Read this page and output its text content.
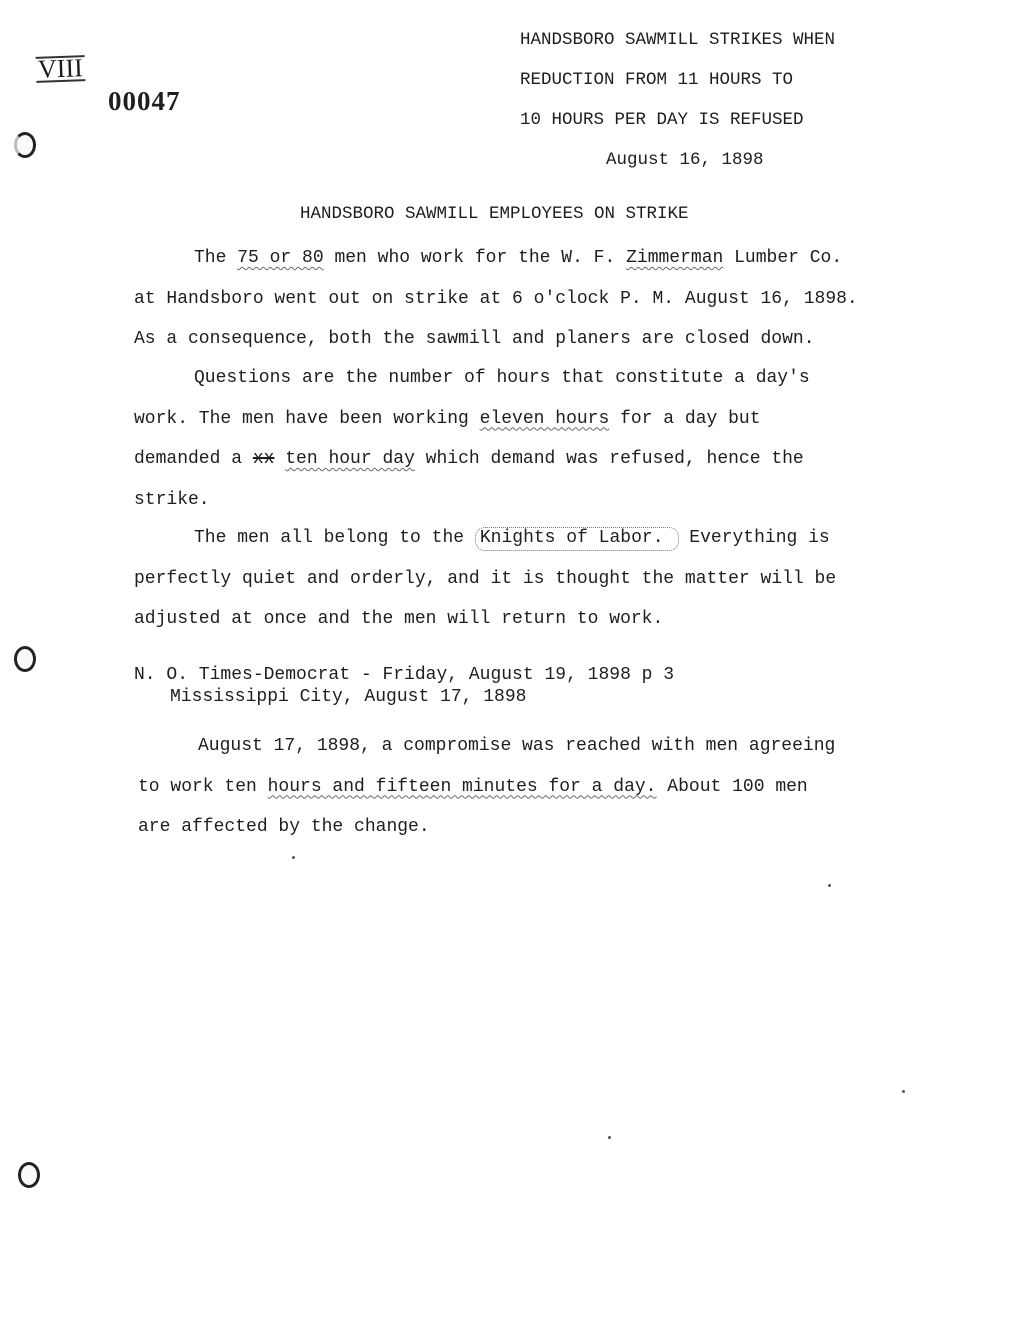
VIII
00047
HANDSBORO SAWMILL STRIKES WHEN
REDUCTION FROM 11 HOURS TO
10 HOURS PER DAY IS REFUSED
August 16, 1898
HANDSBORO SAWMILL EMPLOYEES ON STRIKE

The 75 or 80 men who work for the W. F. Zimmerman Lumber Co.

at Handsboro went out on strike at 6 o'clock P. M. August 16, 1898.

As a consequence, both the sawmill and planers are closed down.

Questions are the number of hours that constitute a day's

work. The men have been working eleven hours for a day but

demanded a xx ten hour day which demand was refused, hence the

strike.

The men all belong to the Knights of Labor. Everything is

perfectly quiet and orderly, and it is thought the matter will be

adjusted at once and the men will return to work.

N. O. Times-Democrat - Friday, August 19, 1898 p 3
Mississippi City, August 17, 1898

August 17, 1898, a compromise was reached with men agreeing

to work ten hours and fifteen minutes for a day. About 100 men

are affected by the change.
